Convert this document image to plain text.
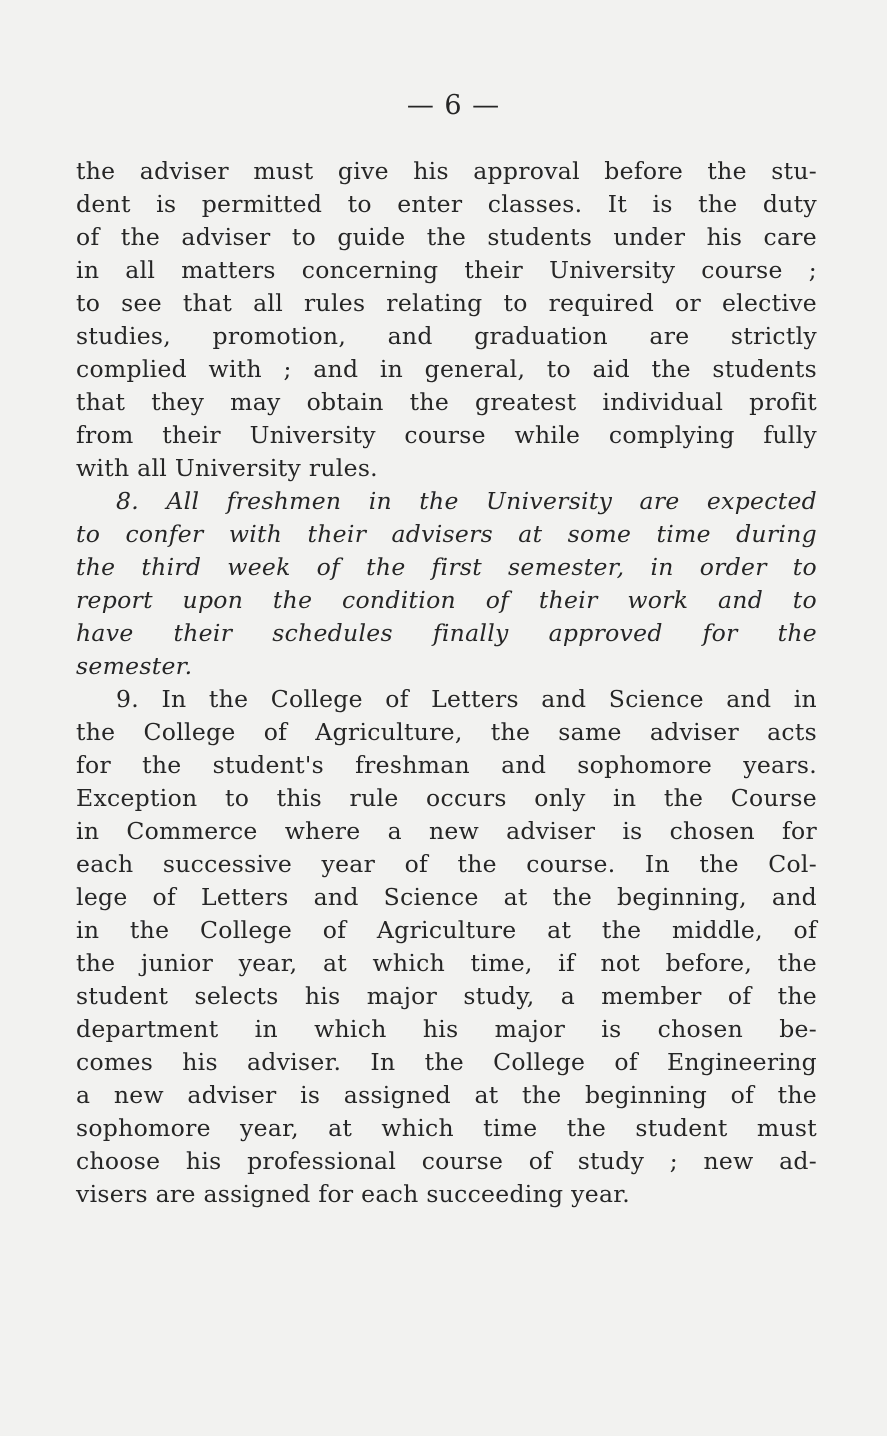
— 6 —
the adviser must give his approval before the stu-
dent is permitted to enter classes. It is the duty
of the adviser to guide the students under his care
in all matters concerning their University course ;
to see that all rules relating to required or elective
studies, promotion, and graduation are strictly
complied with ; and in general, to aid the students
that they may obtain the greatest individual profit
from their University course while complying fully
with all University rules.
8. All freshmen in the University are expected
to confer with their advisers at some time during
the third week of the first semester, in order to
report upon the condition of their work and to
have their schedules finally approved for the
semester.
9. In the College of Letters and Science and in
the College of Agriculture, the same adviser acts
for the student's freshman and sophomore years.
Exception to this rule occurs only in the Course
in Commerce where a new adviser is chosen for
each successive year of the course. In the Col-
lege of Letters and Science at the beginning, and
in the College of Agriculture at the middle, of
the junior year, at which time, if not before, the
student selects his major study, a member of the
department in which his major is chosen be-
comes his adviser. In the College of Engineering
a new adviser is assigned at the beginning of the
sophomore year, at which time the student must
choose his professional course of study ; new ad-
visers are assigned for each succeeding year.
